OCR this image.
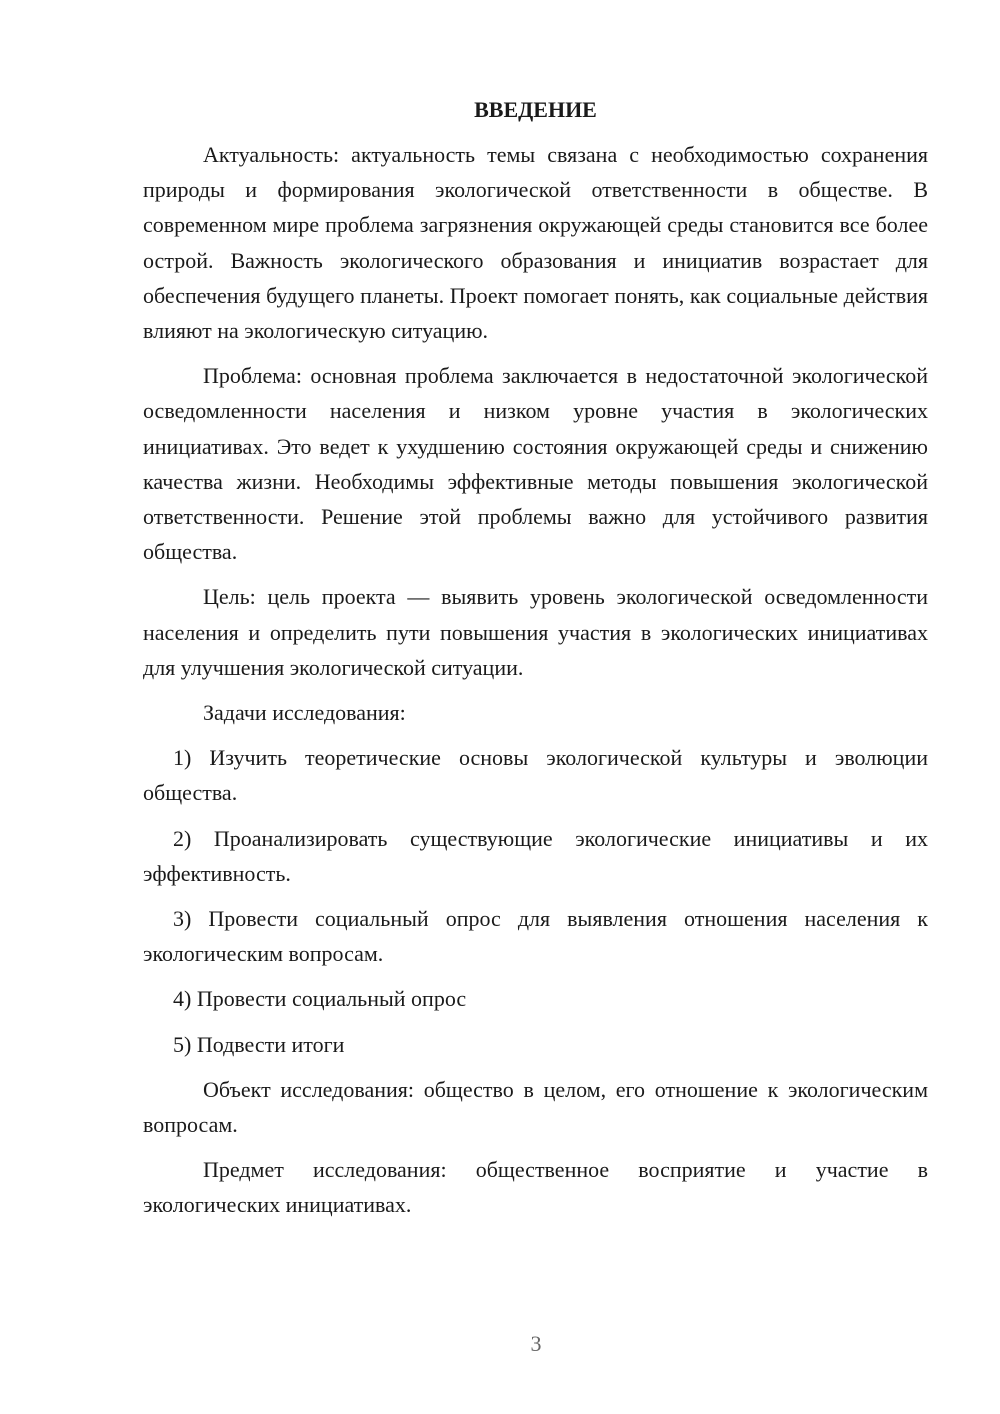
ВВЕДЕНИЕ

Актуальность: актуальность темы связана с необходимостью сохранения природы и формирования экологической ответственности в обществе. В современном мире проблема загрязнения окружающей среды становится все более острой. Важность экологического образования и инициатив возрастает для обеспечения будущего планеты. Проект помогает понять, как социальные действия влияют на экологическую ситуацию.

Проблема: основная проблема заключается в недостаточной экологической осведомленности населения и низком уровне участия в экологических инициативах. Это ведет к ухудшению состояния окружающей среды и снижению качества жизни. Необходимы эффективные методы повышения экологической ответственности. Решение этой проблемы важно для устойчивого развития общества.

Цель: цель проекта — выявить уровень экологической осведомленности населения и определить пути повышения участия в экологических инициативах для улучшения экологической ситуации.

Задачи исследования:

1) Изучить теоретические основы экологической культуры и эволюции общества.

2) Проанализировать существующие экологические инициативы и их эффективность.

3) Провести социальный опрос для выявления отношения населения к экологическим вопросам.

4) Провести социальный опрос

5) Подвести итоги

Объект исследования: общество в целом, его отношение к экологическим вопросам.

Предмет исследования: общественное восприятие и участие в экологических инициативах.

3
